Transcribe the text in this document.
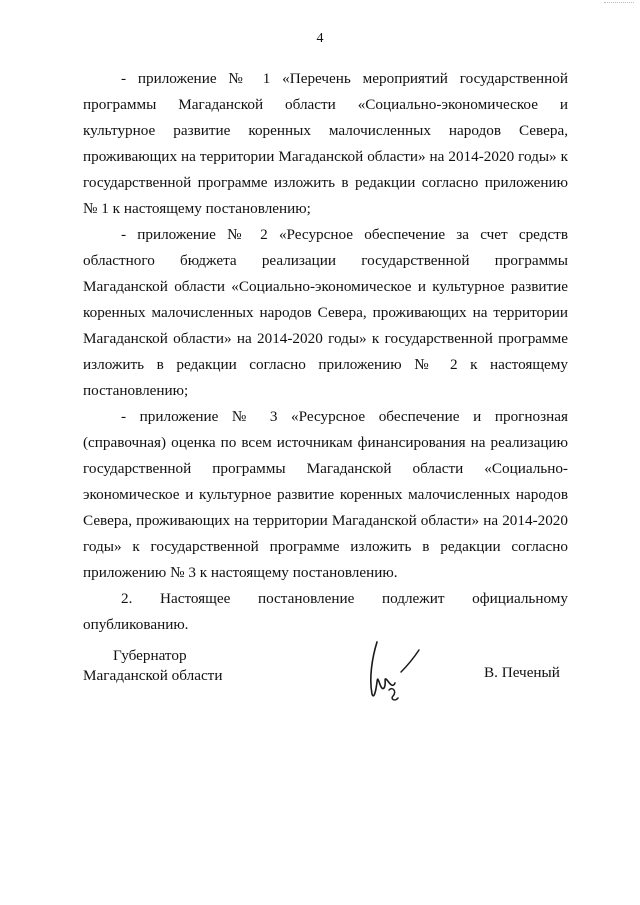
4

- приложение № 1 «Перечень мероприятий государственной программы Магаданской области «Социально-экономическое и культурное развитие коренных малочисленных народов Севера, проживающих на территории Магаданской области» на 2014-2020 годы» к государственной программе изложить в редакции согласно приложению № 1 к настоящему постановлению;

- приложение № 2 «Ресурсное обеспечение за счет средств областного бюджета реализации государственной программы Магаданской области «Социально-экономическое и культурное развитие коренных малочисленных народов Севера, проживающих на территории Магаданской области» на 2014-2020 годы» к государственной программе изложить в редакции согласно приложению № 2 к настоящему постановлению;

- приложение № 3 «Ресурсное обеспечение и прогнозная (справочная) оценка по всем источникам финансирования на реализацию государственной программы Магаданской области «Социально-экономическое и культурное развитие коренных малочисленных народов Севера, проживающих на территории Магаданской области» на 2014-2020 годы» к государственной программе изложить в редакции согласно приложению № 3 к настоящему постановлению.

2. Настоящее постановление подлежит официальному опубликованию.

Губернатор
Магаданской области	В. Печеный
